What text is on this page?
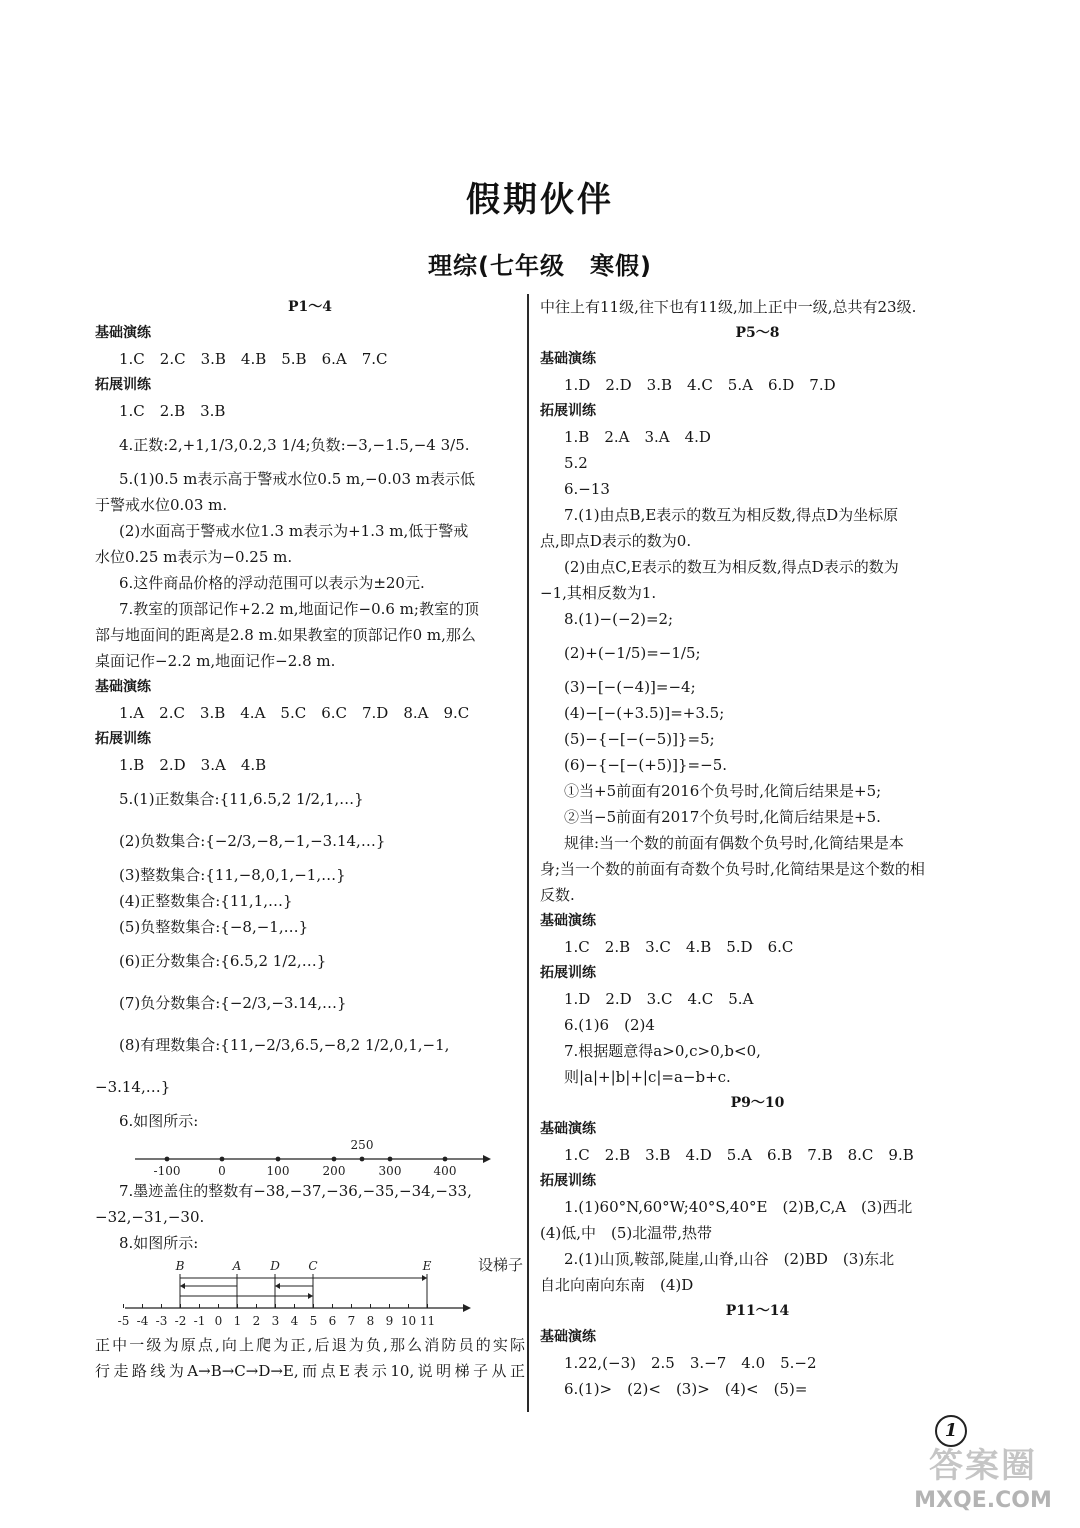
假期伙伴
理综(七年级　寒假)
P1～4
基础演练
1.C　2.C　3.B　4.B　5.B　6.A　7.C
拓展训练
1.C　2.B　3.B
4.正数:2,+1,1/3,0.2,3 1/4;负数:−3,−1.5,−4 3/5.
5.(1)0.5 m表示高于警戒水位0.5 m,−0.03 m表示低
于警戒水位0.03 m.
(2)水面高于警戒水位1.3 m表示为+1.3 m,低于警戒
水位0.25 m表示为−0.25 m.
6.这件商品价格的浮动范围可以表示为±20元.
7.教室的顶部记作+2.2 m,地面记作−0.6 m;教室的顶
部与地面间的距离是2.8 m.如果教室的顶部记作0 m,那么
桌面记作−2.2 m,地面记作−2.8 m.
基础演练
1.A　2.C　3.B　4.A　5.C　6.C　7.D　8.A　9.C
拓展训练
1.B　2.D　3.A　4.B
5.(1)正数集合:{11,6.5,2 1/2,1,…}
(2)负数集合:{−2/3,−8,−1,−3.14,…}
(3)整数集合:{11,−8,0,1,−1,…}
(4)正整数集合:{11,1,…}
(5)负整数集合:{−8,−1,…}
(6)正分数集合:{6.5,2 1/2,…}
(7)负分数集合:{−2/3,−3.14,…}
(8)有理数集合:{11,−2/3,6.5,−8,2 1/2,0,1,−1,
−3.14,…}
6.如图所示:
250
-100	0	100	200	300	400
7.墨迹盖住的整数有−38,−37,−36,−35,−34,−33,
−32,−31,−30.
8.如图所示:
B	A D C	E	设梯子
-5 -4 -3 -2 -1 0 1 2 3 4 5 6 7 8 9 10 11
正中一级为原点,向上爬为正,后退为负,那么消防员的实际
行走路线为A→B→C→D→E,而点E表示10,说明梯子从正
中往上有11级,往下也有11级,加上正中一级,总共有23级.
P5～8
基础演练
1.D　2.D　3.B　4.C　5.A　6.D　7.D
拓展训练
1.B　2.A　3.A　4.D
5.2
6.−13
7.(1)由点B,E表示的数互为相反数,得点D为坐标原
点,即点D表示的数为0.
(2)由点C,E表示的数互为相反数,得点D表示的数为
−1,其相反数为1.
8.(1)−(−2)=2;
(2)+(−1/5)=−1/5;
(3)−[−(−4)]=−4;
(4)−[−(+3.5)]=+3.5;
(5)−{−[−(−5)]}=5;
(6)−{−[−(+5)]}=−5.
①当+5前面有2016个负号时,化简后结果是+5;
②当−5前面有2017个负号时,化简后结果是+5.
规律:当一个数的前面有偶数个负号时,化简结果是本
身;当一个数的前面有奇数个负号时,化简结果是这个数的相
反数.
基础演练
1.C　2.B　3.C　4.B　5.D　6.C
拓展训练
1.D　2.D　3.C　4.C　5.A
6.(1)6　(2)4
7.根据题意得a>0,c>0,b<0,
则|a|+|b|+|c|=a−b+c.
P9～10
基础演练
1.C　2.B　3.B　4.D　5.A　6.B　7.B　8.C　9.B
拓展训练
1.(1)60°N,60°W;40°S,40°E　(2)B,C,A　(3)西北
(4)低,中　(5)北温带,热带
2.(1)山顶,鞍部,陡崖,山脊,山谷　(2)BD　(3)东北
自北向南向东南　(4)D
P11～14
基础演练
1.22,(−3)　2.5　3.−7　4.0　5.−2
6.(1)>　(2)<　(3)>　(4)<　(5)=
1
答案圈
MXQE.COM
